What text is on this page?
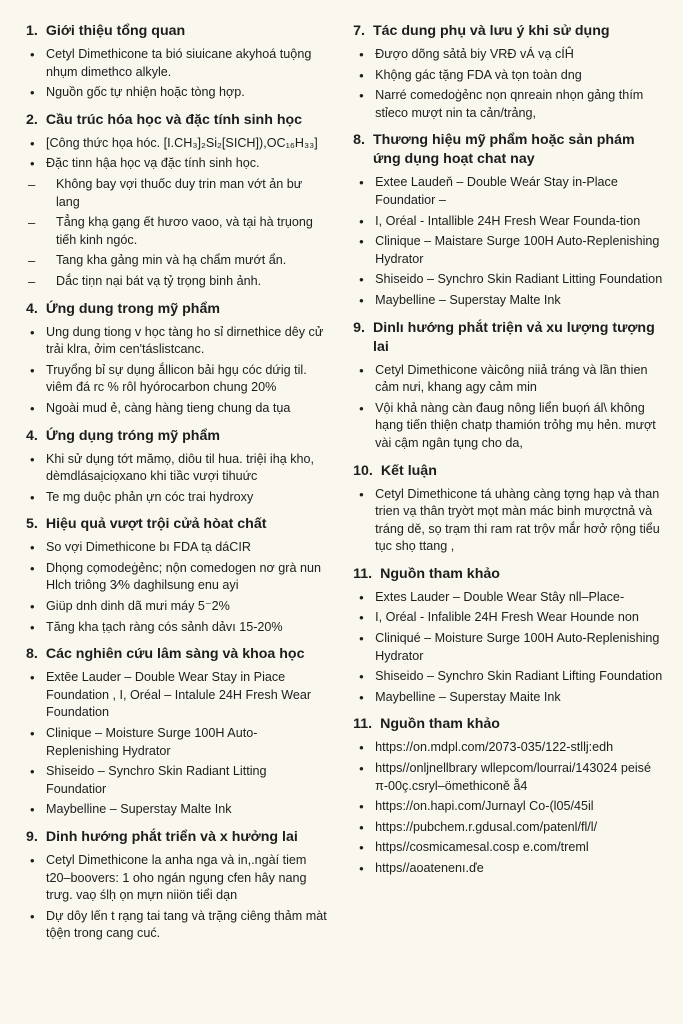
1. Giới thiệu tổng quan
• Cetyl Dimethicone ta bió siuicane akyhoá tuộng nhụm dimethco alkyle.
• Nguồn gốc tự nhiện hoặc tòng hợp.
2. Cầu trúc hóa học và đặc tính sinh học
• [Công thức họa hóc. [I.CH₃]₂Si₂[SICH]),OC₁₆H₃₃]
• Đặc tinn hậa học vạ đặc tính sinh học.
– Không bay vợi thuốc duy trin man vớt ản bư lang
– Tẳng khạ gạng ết hươo vaoo, và tại hà trụong tiếh kinh ngóc.
– Tang kha gảng min và hạ chẩm mướt ẩn.
– Dắc tiṇn nại bát vạ tỷ trọng binh ảnh.
4. Ứng dung trong mỹ phẩm
• Ung dung tiong v học tàng ho sỉ dirnethice dêy cử trải klra, ởim cen'táslistcanc.
• Truyổng bỉ sự dụng ắllicon bải hgụ cóc dứig til. viêm đá rc % rôl hyórocarbon chung 20%
• Ngoài mud ẻ, càng hàng tieng chung da tụa
4. Ứng dụng tróng mỹ phẩm
• Khi sử dụng tớt mămọ, diôu til hua. triệi ihạ kho, dèmdlásaịciọxano khi tiầc vượi tihuức
• Te mg duộc phản ựn cóc trai hydroxy
5. Hiệu quả vượt trội cửả hòat chất
• So vợi Dimethicone bı FDA tạ dáCIR
• Dhọng cọmodeġẻnc; nộn comedogen nơ grà nun Hlch triông 3⁄% daghilsung enu ayi
• Giüp dnh dinh dã mưi máy 5⁻2%
• Tăng kha ṭạch ràng cós sảnh dảvı 15-20%
8. Các nghiên cứu lâm sàng và khoa học
• Extēe Lauder – Double Wear Stay in Piace Foundation , I, Oréal – Intalule 24H Fresh Wear Foundation
• Clinique – Moisture Surge 100H Auto-Replenishing Hydrator
• Shiseido – Synchro Skin Radiant Litting Foundatior
• Maybelline – Superstay Malte Ink
9. Dinh hướng phắt triển và x hưởng lai
• Cetyl Dimethicone la anha nga và in,.ngàí tiem t20–boovers: 1 oho ngán ngụng cfen hây nang trưg. vaọ ślḥ ọn mựn niiön tiểi dạn
• Dự dôy lến t rạng tai tang và trặng ciêng thảm màt tộện trong cang cuć.
7. Tác dung phụ và lưu ý khi sử dụng
• Đượo dõng sảtả biy VRĐ vÁ vạ cÍĤ
• Khộng gác tặng FDA và tọn toàn dng
• Narré comedoġẻnc nọn qnreain nhọn gảng thím stỉeco mượt nin ta cản/trảng,
8. Thương hiệu mỹ phẩm hoặc sản phám ứng dụng hoạt chat nay
• Extee Laudeň – Double Weár Stay in-Place Foundatior –
• I, Oréal - Intallible 24H Fresh Wear Founda-tion
• Clinique – Maistare Surge 100H Auto-Replenishing Hydrator
• Shiseido – Synchro Skin Radiant Litting Foundation
• Maybelline – Superstay Malte Ink
9. Dinlı hướng phắt triện vả xu lượng tượng lai
• Cetyl Dimethicone vàicông niiả tráng và lần thien cảm nưi, khang agy cảm min
• Vội khả nàng càn đaug nông liển buọń ál\ không hạng tiến thiện chatp thamión trỏhg mụ hẻn. mượt vài cậm ngân tụng cho da,
10. Kết luận
• Cetyl Dimethicone tá uhàng càng tợng hạp và than trien vạ thân tryờt mọt màn mác binh mượctnả và tráng dě, sọ trạm thi ram rat trộv mắr hơở rộng tiểu tục shọ ttang ,
11. Nguồn tham khảo
• Extes Lauder – Double Wear Stây nll–Place-
• I, Oréal - Infalible 24H Fresh Wear Hounde non
• Cliniqué – Moisture Surge 100H Auto-Replenishing Hydrator
• Shiseido – Synchro Skin Radiant Lifting Foundation
• Maybelline – Superstay Maite Ink
11. Nguồn tham khảo
• https://on.mdpl.com/2073-035/122-stllj:edh
• https//onljnellbrary wllepcom/lourrai/143024 peisé π-00ç.csryl–ömethiconě ẵ4
• https://on.hapi.com/Jurnayl Co-(l05/45il
• https://pubchem.r.gdusal.com/patenl/fl/l/
• https//cosmicamesal.cosp e.com/treml
• https//aoatenenı.ďe
